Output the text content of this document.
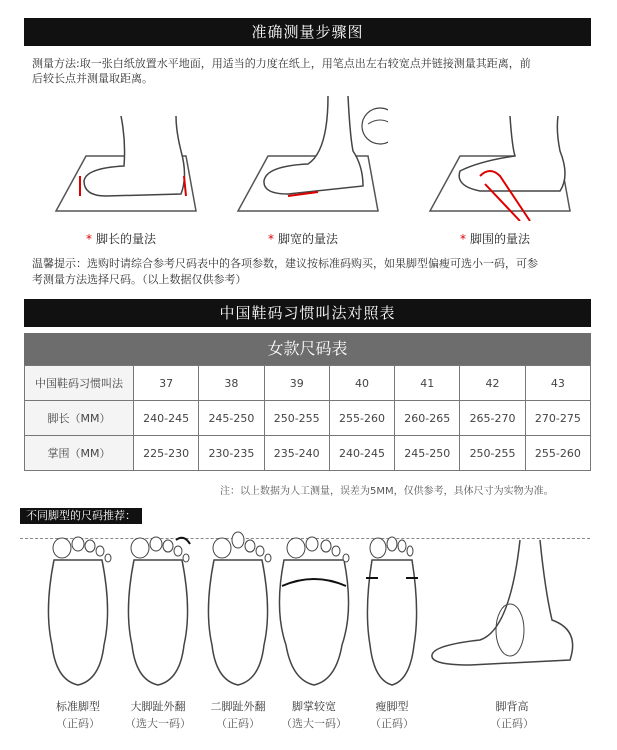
准确测量步骤图
测量方法:取一张白纸放置水平地面，用适当的力度在纸上，用笔点出左右较宽点并链接测量其距离，前
后较长点并测量取距离。
* 脚长的量法	* 脚宽的量法	* 脚围的量法
温馨提示：选购时请综合参考尺码表中的各项参数，建议按标准码购买，如果脚型偏瘦可选小一码，可参
考测量方法选择尺码。（以上数据仅供参考）
中国鞋码习惯叫法对照表
女款尺码表
中国鞋码习惯叫法	37	38	39	40	41	42	43
脚长（MM）	240-245	245-250	250-255	255-260	260-265	265-270	270-275
掌围（MM）	225-230	230-235	235-240	240-245	245-250	250-255	255-260
注：以上数据为人工测量，误差为5MM，仅供参考，具体尺寸为实物为准。
不同脚型的尺码推荐：
标准脚型
（正码）
大脚趾外翻
（选大一码）
二脚趾外翻
（正码）
脚掌较宽
（选大一码）
瘦脚型
（正码）
脚背高
（正码）
